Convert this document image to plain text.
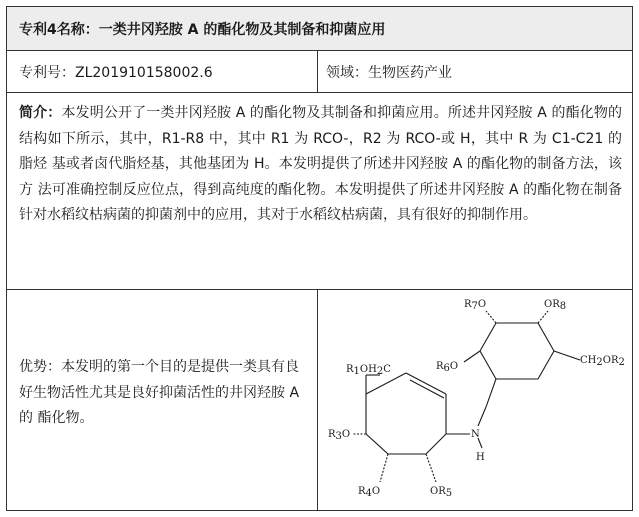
专利4名称：一类井冈羟胺 A 的酯化物及其制备和抑菌应用
专利号：ZL201910158002.6	领域：生物医药产业
简介：本发明公开了一类井冈羟胺 A 的酯化物及其制备和抑菌应用。所述井冈羟胺 A 的酯化物的结构如下所示，其中，R1-R8 中，其中 R1 为 RCO-，R2 为 RCO-或 H，其中 R 为 C1-C21 的脂烃 基或者卤代脂烃基，其他基团为 H。本发明提供了所述井冈羟胺 A 的酯化物的制备方法，该方 法可准确控制反应位点，得到高纯度的酯化物。本发明提供了所述井冈羟胺 A 的酯化物在制备 针对水稻纹枯病菌的抑菌剂中的应用，其对于水稻纹枯病菌，具有很好的抑制作用。
优势：本发明的第一个目的是提供一类具有良好生物活性尤其是良好抑菌活性的井冈羟胺 A 的 酯化物。
R7O	OR8
R6O
CH2OR2
R1OH2C
R3O	N
H
R4O	OR5
